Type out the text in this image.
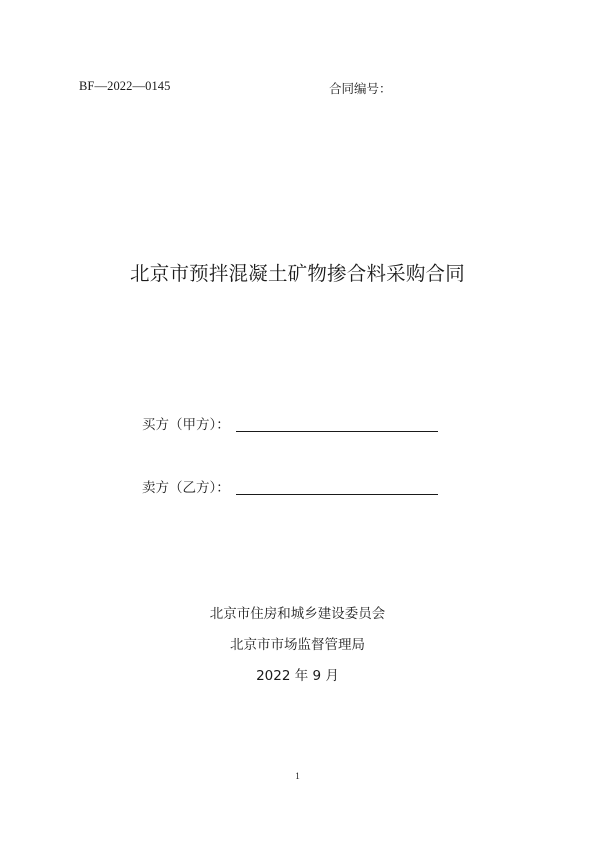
BF—2022—0145	合同编号：
北京市预拌混凝土矿物掺合料采购合同
买方（甲方）：
卖方（乙方）：
北京市住房和城乡建设委员会
北京市市场监督管理局
2022 年 9 月
1
